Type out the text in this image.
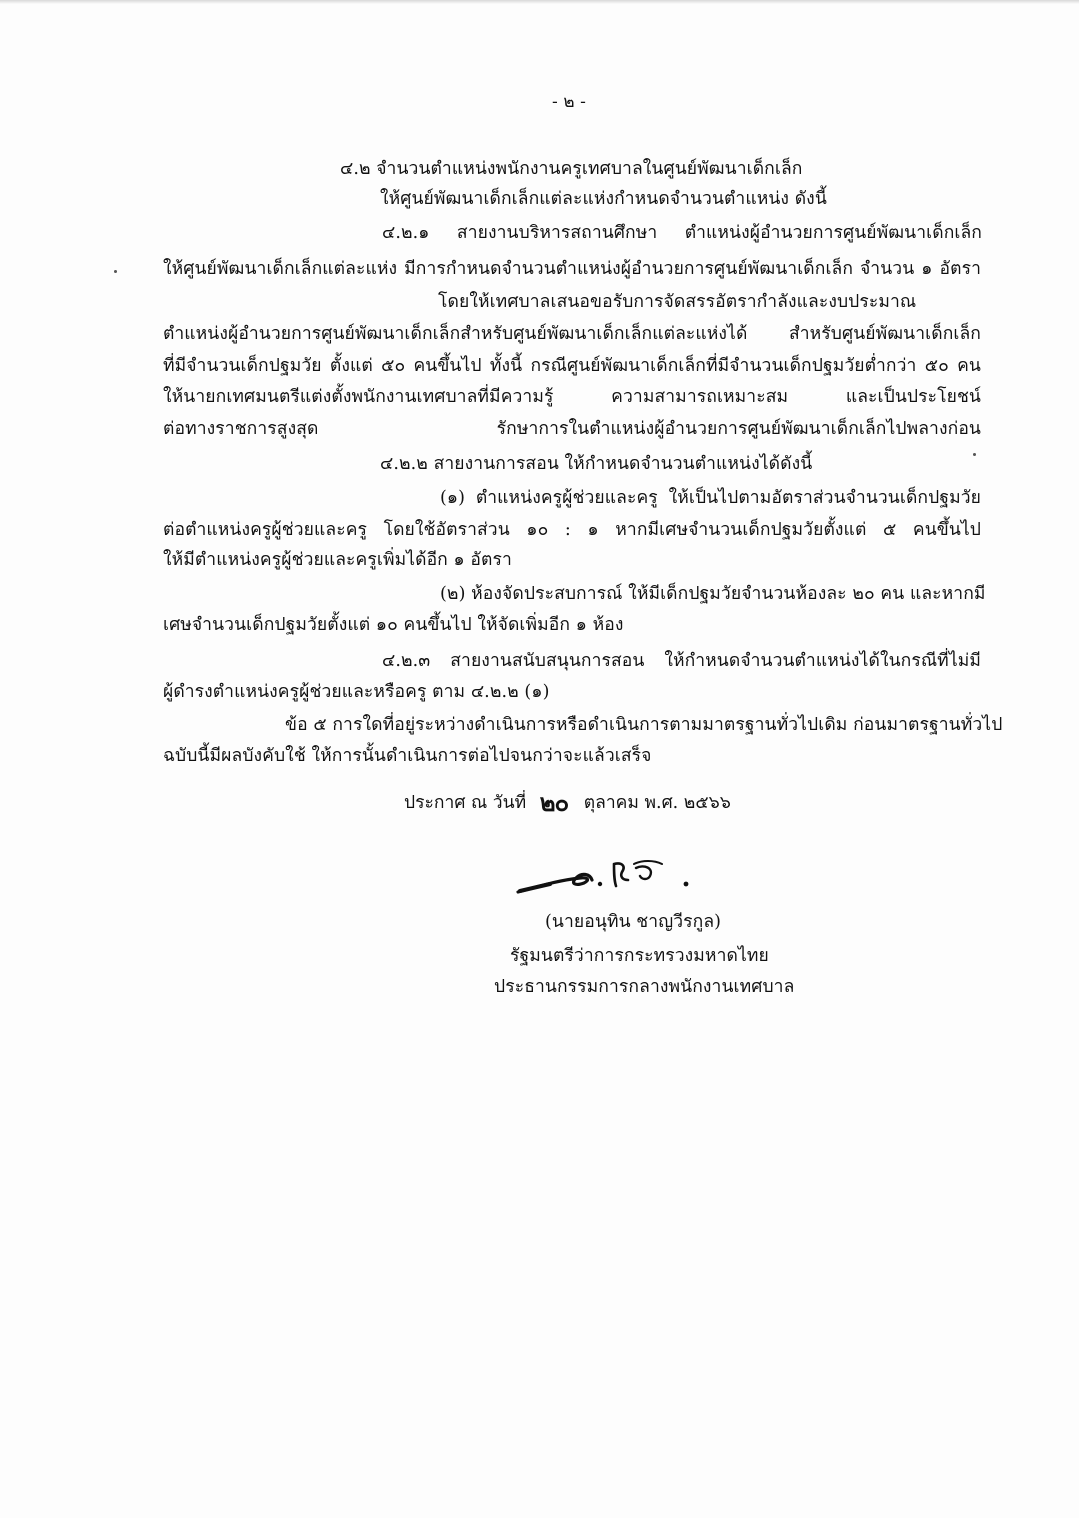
- ๒ -
๔.๒ จำนวนตำแหน่งพนักงานครูเทศบาลในศูนย์พัฒนาเด็กเล็ก
ให้ศูนย์พัฒนาเด็กเล็กแต่ละแห่งกำหนดจำนวนตำแหน่ง ดังนี้
๔.๒.๑ สายงานบริหารสถานศึกษา ตำแหน่งผู้อำนวยการศูนย์พัฒนาเด็กเล็ก
ให้ศูนย์พัฒนาเด็กเล็กแต่ละแห่ง มีการกำหนดจำนวนตำแหน่งผู้อำนวยการศูนย์พัฒนาเด็กเล็ก จำนวน ๑ อัตรา
โดยให้เทศบาลเสนอขอรับการจัดสรรอัตรากำลังและงบประมาณ
ตำแหน่งผู้อำนวยการศูนย์พัฒนาเด็กเล็กสำหรับศูนย์พัฒนาเด็กเล็กแต่ละแห่งได้ สำหรับศูนย์พัฒนาเด็กเล็ก
ที่มีจำนวนเด็กปฐมวัย ตั้งแต่ ๕๐ คนขึ้นไป ทั้งนี้ กรณีศูนย์พัฒนาเด็กเล็กที่มีจำนวนเด็กปฐมวัยต่ำกว่า ๕๐ คน
ให้นายกเทศมนตรีแต่งตั้งพนักงานเทศบาลที่มีความรู้ ความสามารถเหมาะสม และเป็นประโยชน์
ต่อทางราชการสูงสุด รักษาการในตำแหน่งผู้อำนวยการศูนย์พัฒนาเด็กเล็กไปพลางก่อน
๔.๒.๒ สายงานการสอน ให้กำหนดจำนวนตำแหน่งได้ดังนี้
(๑) ตำแหน่งครูผู้ช่วยและครู ให้เป็นไปตามอัตราส่วนจำนวนเด็กปฐมวัย
ต่อตำแหน่งครูผู้ช่วยและครู โดยใช้อัตราส่วน ๑๐ : ๑ หากมีเศษจำนวนเด็กปฐมวัยตั้งแต่ ๕ คนขึ้นไป
ให้มีตำแหน่งครูผู้ช่วยและครูเพิ่มได้อีก ๑ อัตรา
(๒) ห้องจัดประสบการณ์ ให้มีเด็กปฐมวัยจำนวนห้องละ ๒๐ คน และหากมี
เศษจำนวนเด็กปฐมวัยตั้งแต่ ๑๐ คนขึ้นไป ให้จัดเพิ่มอีก ๑ ห้อง
๔.๒.๓ สายงานสนับสนุนการสอน ให้กำหนดจำนวนตำแหน่งได้ในกรณีที่ไม่มี
ผู้ดำรงตำแหน่งครูผู้ช่วยและหรือครู ตาม ๔.๒.๒ (๑)
ข้อ ๕ การใดที่อยู่ระหว่างดำเนินการหรือดำเนินการตามมาตรฐานทั่วไปเดิม ก่อนมาตรฐานทั่วไป
ฉบับนี้มีผลบังคับใช้ ให้การนั้นดำเนินการต่อไปจนกว่าจะแล้วเสร็จ
ประกาศ ณ วันที่ ๒๐ ตุลาคม พ.ศ. ๒๕๖๖
(นายอนุทิน ชาญวีรกูล)
รัฐมนตรีว่าการกระทรวงมหาดไทย
ประธานกรรมการกลางพนักงานเทศบาล
